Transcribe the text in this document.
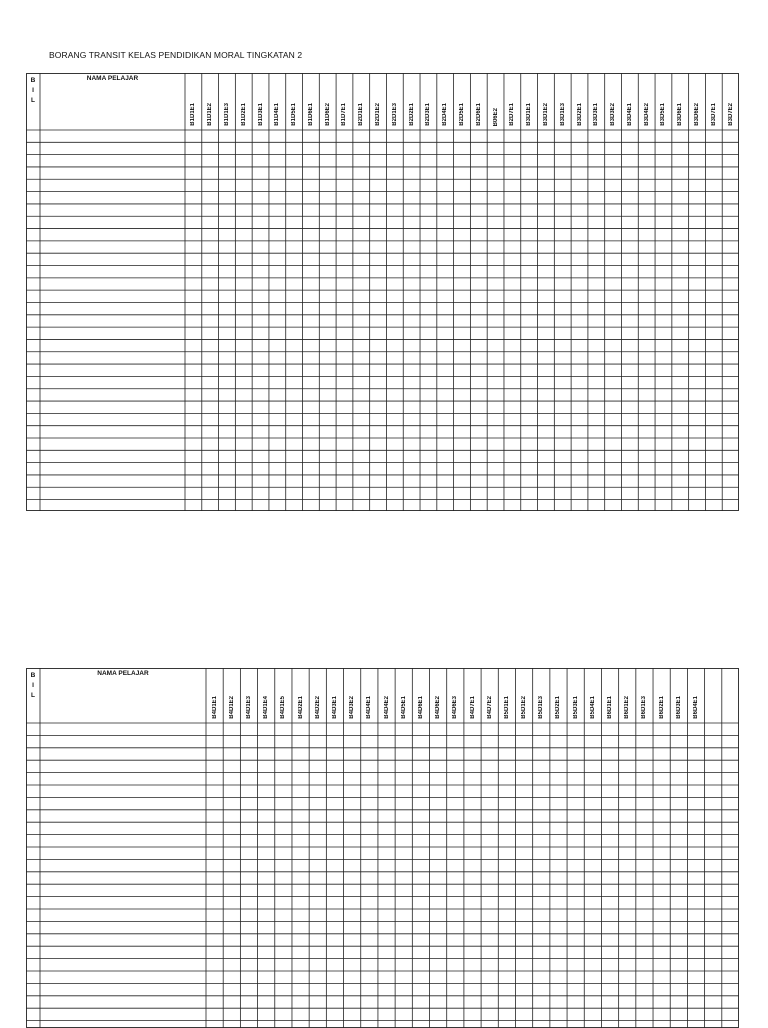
BORANG TRANSIT KELAS PENDIDIKAN MORAL TINGKATAN 2
B
I
L
NAMA PELAJAR
B1D1E1 B1D1E2 B1D1E3 B1D2E1 B1D3E1 B1D4E1 B1D5E1 B1D6E1 B1D6E2 B1D7E1 B2D1E1 B2D1E2 B2D1E3 B2D2E1 B2D3E1 B2D4E1 B2D5E1 B2D6E1 B06E2 B2D7E1 B3D1E1 B3D1E2 B3D1E3 B3D2E1 B3D3E1 B3D3E2 B3D4E1 B3D4E2 B3D5E1 B3D6E1 B3D6E2 B3D7E1 B3D7E2
B
I
L
NAMA PELAJAR
B4D1E1 B4D1E2 B4D1E3 B4D1E4 B4D1E5 B4D2E1 B4D2E2 B4D3E1 B4D3E2 B4D4E1 B4D4E2 B4D5E1 B4D6E1 B4D6E2 B4D6E3 B4D7E1 B4D7E2 B5D1E1 B5D1E2 B5D1E3 B5D2E1 B5D3E1 B5D4E1 B6D1E1 B6D1E2 B6D1E3 B6D2E1 B6D3E1 B6D4E1
